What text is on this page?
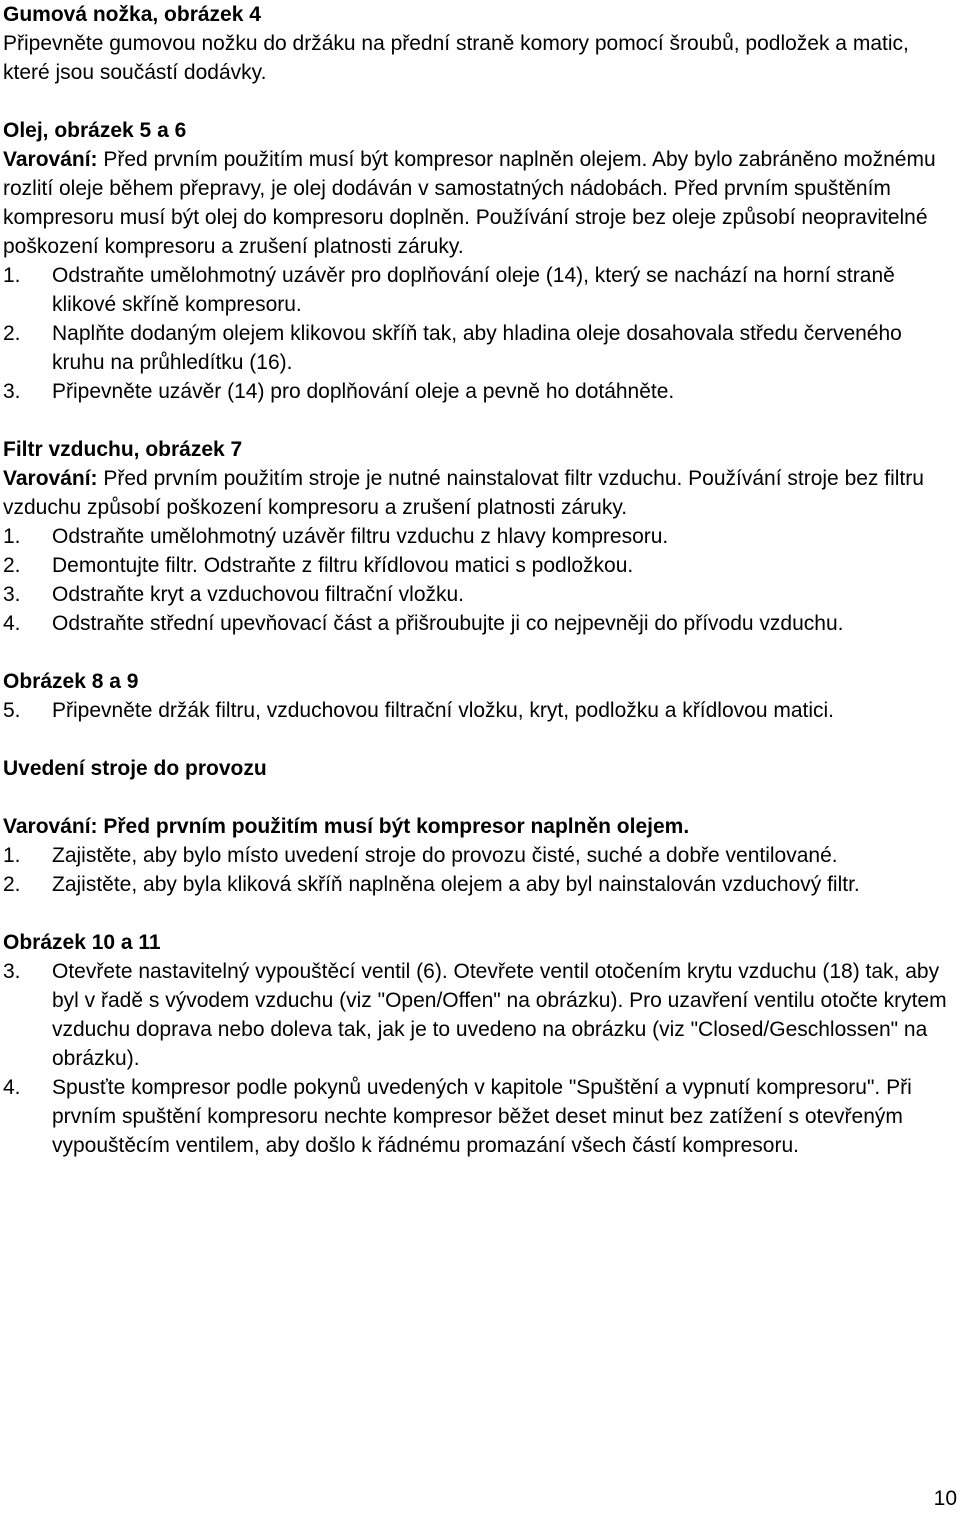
Gumová nožka, obrázek 4

Připevněte gumovou nožku do držáku na přední straně komory pomocí šroubů, podložek a matic, které jsou součástí dodávky.

Olej, obrázek 5 a 6

Varování: Před prvním použitím musí být kompresor naplněn olejem. Aby bylo zabráněno možnému rozlití oleje během přepravy, je olej dodáván v samostatných nádobách. Před prvním spuštěním kompresoru musí být olej do kompresoru doplněn. Používání stroje bez oleje způsobí neopravitelné poškození kompresoru a zrušení platnosti záruky.

1.	Odstraňte umělohmotný uzávěr pro doplňování oleje (14), který se nachází na horní straně klikové skříně kompresoru.
2.	Naplňte dodaným olejem klikovou skříň tak, aby hladina oleje dosahovala středu červeného kruhu na průhledítku (16).
3.	Připevněte uzávěr (14) pro doplňování oleje a pevně ho dotáhněte.
Filtr vzduchu, obrázek 7

Varování: Před prvním použitím stroje je nutné nainstalovat filtr vzduchu. Používání stroje bez filtru vzduchu způsobí poškození kompresoru a zrušení platnosti záruky.

1.	Odstraňte umělohmotný uzávěr filtru vzduchu z hlavy kompresoru.
2.	Demontujte filtr. Odstraňte z filtru křídlovou matici s podložkou.
3.	Odstraňte kryt a vzduchovou filtrační vložku.
4.	Odstraňte střední upevňovací část a přišroubujte ji co nejpevněji do přívodu vzduchu.
Obrázek 8 a 9
5.	Připevněte držák filtru, vzduchovou filtrační vložku, kryt, podložku a křídlovou matici.
Uvedení stroje do provozu

Varování: Před prvním použitím musí být kompresor naplněn olejem.

1.	Zajistěte, aby bylo místo uvedení stroje do provozu čisté, suché a dobře ventilované.
2.	Zajistěte, aby byla kliková skříň naplněna olejem a aby byl nainstalován vzduchový filtr.
Obrázek 10 a 11
3.	Otevřete nastavitelný vypouštěcí ventil (6). Otevřete ventil otočením krytu vzduchu (18) tak, aby byl v řadě s vývodem vzduchu (viz "Open/Offen" na obrázku). Pro uzavření ventilu otočte krytem vzduchu doprava nebo doleva tak, jak je to uvedeno na obrázku (viz "Closed/Geschlossen" na obrázku).
4.	Spusťte kompresor podle pokynů uvedených v kapitole "Spuštění a vypnutí kompresoru". Při prvním spuštění kompresoru nechte kompresor běžet deset minut bez zatížení s otevřeným vypouštěcím ventilem, aby došlo k řádnému promazání všech částí kompresoru.
10
